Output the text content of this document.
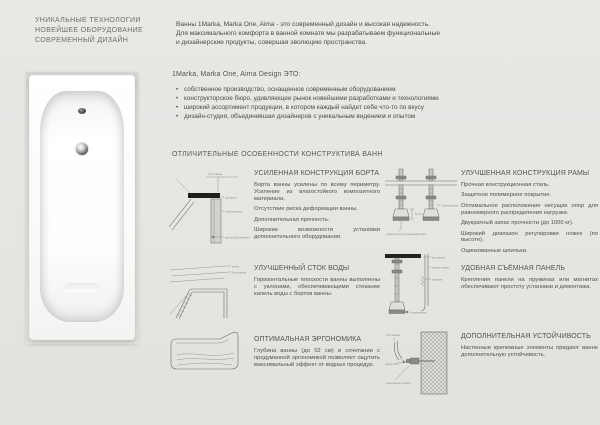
УНИКАЛЬНЫЕ ТЕХНОЛОГИИ
НОВЕЙШЕЕ ОБОРУДОВАНИЕ
СОВРЕМЕННЫЙ ДИЗАЙН
Ванны 1Marka, Marka One, Aima - это современный дизайн и высокая надежность.
Для максимального комфорта в ванной комнате мы разрабатываем функциональные
и дизайнерские продукты, совершая эволюцию пространства.
1Marka, Marka One, Aima Design ЭТО:
• собственное производство, оснащенное современным оборудованием
• конструкторское бюро, удивляющее рынок новейшими разработками и технологиями
• широкий ассортимент продукции, в котором каждый найдет себе что-то по вкусу
• дизайн-студия, объединившая дизайнеров с уникальным видением и опытом
ОТЛИЧИТЕЛЬНЫЕ ОСОБЕННОСТИ КОНСТРУКТИВА ВАНН
борт ванны
усиление
панель ванны
крепежный элемент
УСИЛЕННАЯ КОНСТРУКЦИЯ БОРТА

Борта ванны усилены по всему периметру. Усиление из влагостойкого композитного материала.

Отсутствие риска деформации ванны.

Дополнительная прочность.

Широкие возможности установки дополнительного оборудования.

ножка ванны
50 мм
диапазон регулирования ножки
УЛУЧШЕННАЯ КОНСТРУКЦИЯ РАМЫ

Прочная конструкционная сталь.

Защитное полимерное покрытие.

Оптимальное расположение несущих опор для равномерного распределения нагрузки.

Двукратный запас прочности (до 1000 кг).

Широкий диапазон регулировки ножек (по высоте).

Оцинкованные шпильки.

уклон
борт ванны
УЛУЧШЕННЫЙ СТОК ВОДЫ

Горизонтальные плоскости ванны выполнены с уклонами, обеспечивающими стекание капель воды с бортов ванны.

дно ванны
панель ванны
пружина
ножка ванны
УДОБНАЯ СЪЁМНАЯ ПАНЕЛЬ

Крепления панели на пружинах или магнитах обеспечивают простоту установки и демонтажа.

ОПТИМАЛЬНАЯ ЭРГОНОМИКА

Глубина ванны (до 52 см) в сочетании с продуманной эргономикой позволяет ощутить максимальный эффект от водных процедур.

борт ванны
кронштейн
крепежный элемент
ДОПОЛНИТЕЛЬНАЯ УСТОЙЧИВОСТЬ

Настенные крепежные элементы придают ванне дополнительную устойчивость.
